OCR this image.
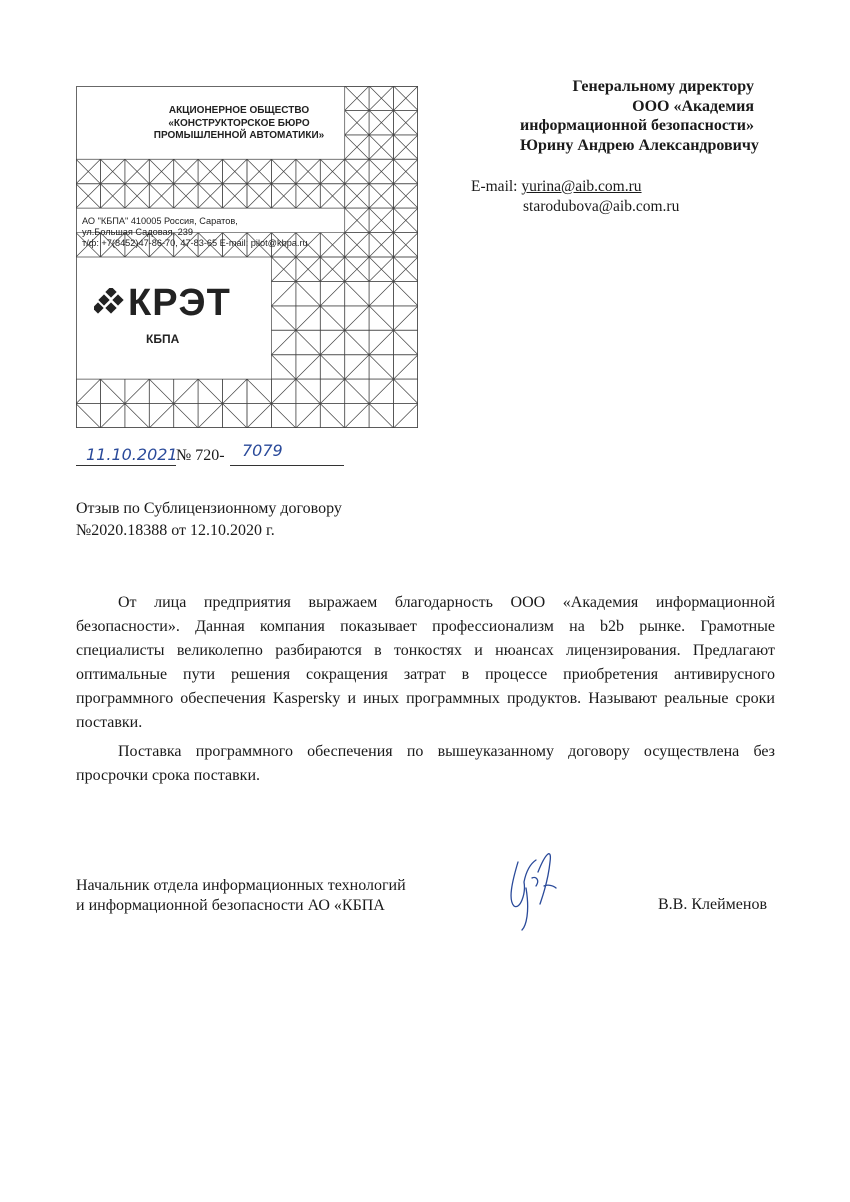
АКЦИОНЕРНОЕ ОБЩЕСТВО
«КОНСТРУКТОРСКОЕ БЮРО
ПРОМЫШЛЕННОЙ АВТОМАТИКИ»
АО "КБПА" 410005 Россия, Саратов,
ул.Большая Садовая, 239
т/ф: +7(8452)47-86-70, 47-83-65 E-mail: pilot@kbpa.ru
КРЭТ
КБПА
Генеральному директору
ООО «Академия
информационной безопасности»
Юрину Андрею Александровичу
E-mail: yurina@aib.com.ru
starodubova@aib.com.ru
11.10.2021
№ 720- 7079
Отзыв по Сублицензионному договору
№2020.18388 от 12.10.2020 г.

От лица предприятия выражаем благодарность ООО «Академия информационной безопасности». Данная компания показывает профессионализм на b2b рынке. Грамотные специалисты великолепно разбираются в тонкостях и нюансах лицензирования. Предлагают оптимальные пути решения сокращения затрат в процессе приобретения антивирусного программного обеспечения Kaspersky и иных программных продуктов. Называют реальные сроки поставки.

Поставка программного обеспечения по вышеуказанному договору осуществлена без просрочки срока поставки.

Начальник отдела информационных технологий
и информационной безопасности АО «КБПА	В.В. Клейменов
